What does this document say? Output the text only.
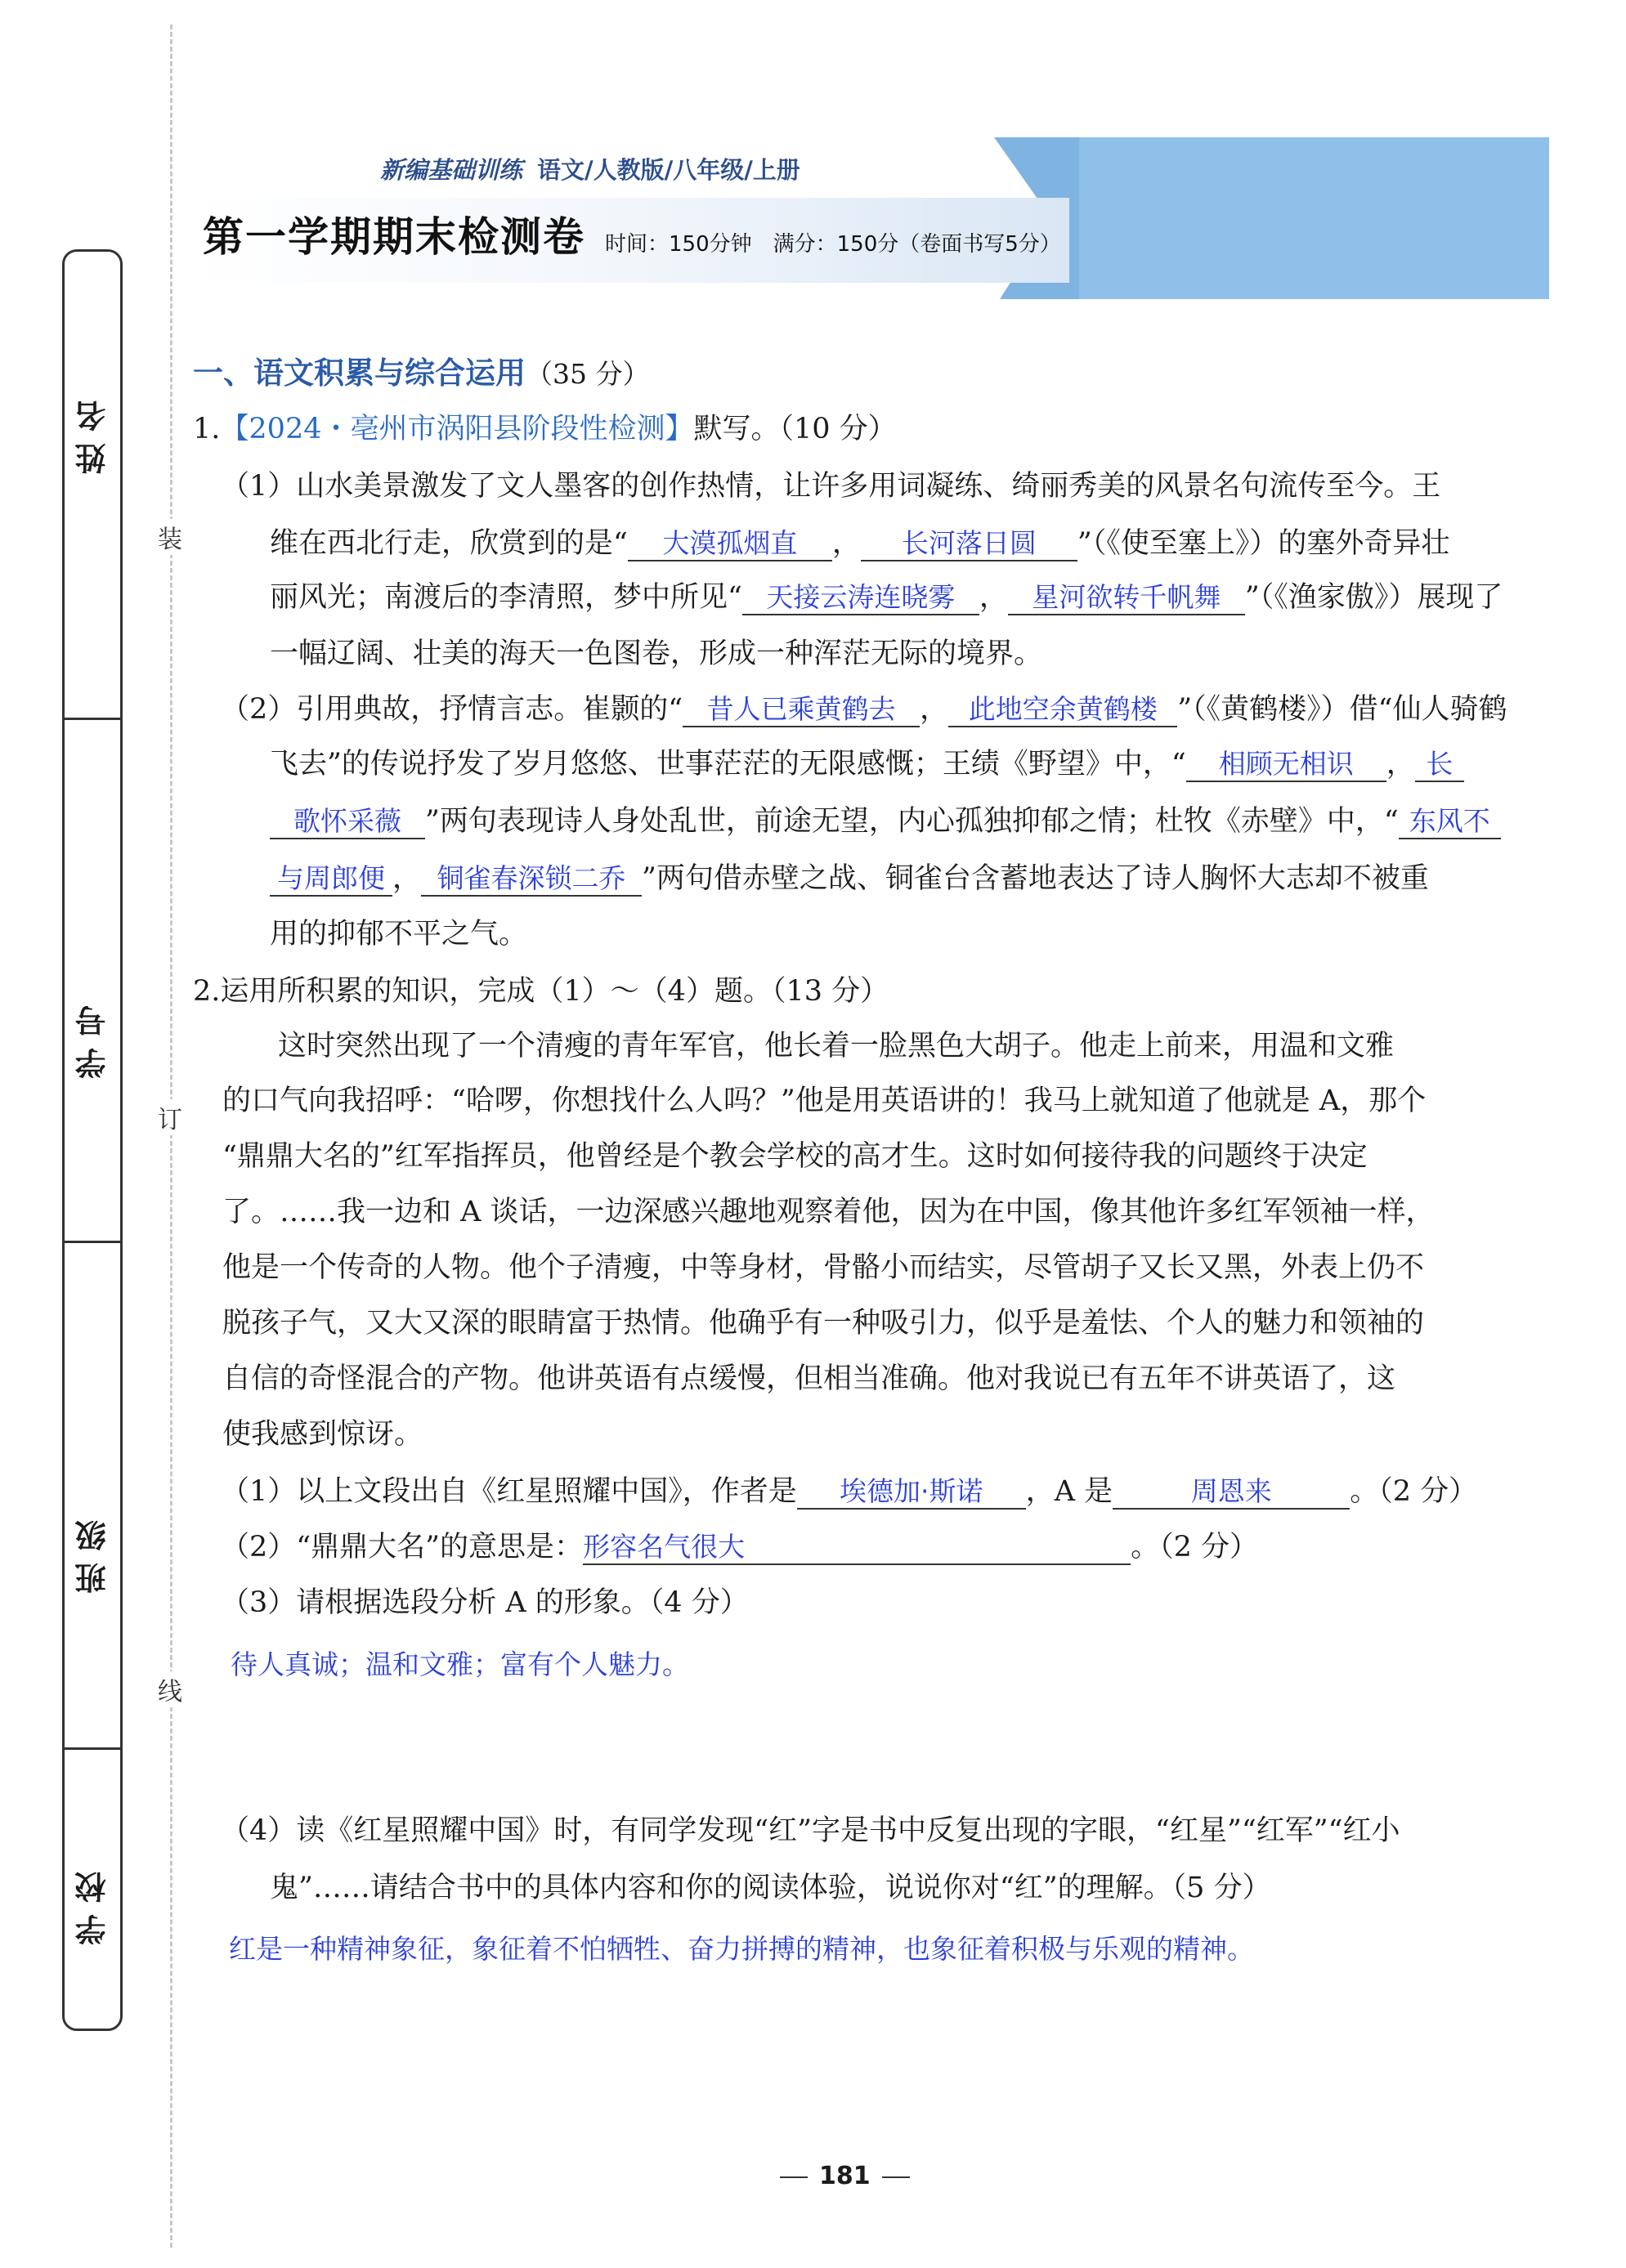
姓名
学号
班级
学校
装
订
线
新编基础训练 语文/人教版/八年级/上册
第一学期期末检测卷 时间：150分钟　满分：150分（卷面书写5分）
一、语文积累与综合运用（35 分）
1.【2024・亳州市涡阳县阶段性检测】默写。（10 分）
（1）山水美景激发了文人墨客的创作热情，让许多用词凝练、绮丽秀美的风景名句流传至今。王
维在西北行走，欣赏到的是“ 大漠孤烟直 ， 长河落日圆 ”（《使至塞上》）的塞外奇异壮
丽风光；南渡后的李清照，梦中所见“ 天接云涛连晓雾 ， 星河欲转千帆舞 ”（《渔家傲》）展现了
一幅辽阔、壮美的海天一色图卷，形成一种浑茫无际的境界。
（2）引用典故，抒情言志。崔颢的“ 昔人已乘黄鹤去 ， 此地空余黄鹤楼 ”（《黄鹤楼》）借“仙人骑鹤
飞去”的传说抒发了岁月悠悠、世事茫茫的无限感慨；王绩《野望》中，“ 相顾无相识 ， 长
歌怀采薇 ”两句表现诗人身处乱世，前途无望，内心孤独抑郁之情；杜牧《赤壁》中，“ 东风不
与周郎便 ， 铜雀春深锁二乔 ”两句借赤壁之战、铜雀台含蓄地表达了诗人胸怀大志却不被重
用的抑郁不平之气。
2.运用所积累的知识，完成（1）～（4）题。（13 分）
这时突然出现了一个清瘦的青年军官，他长着一脸黑色大胡子。他走上前来，用温和文雅
的口气向我招呼：“哈啰，你想找什么人吗？”他是用英语讲的！我马上就知道了他就是 A，那个
“鼎鼎大名的”红军指挥员，他曾经是个教会学校的高才生。这时如何接待我的问题终于决定
了。……我一边和 A 谈话，一边深感兴趣地观察着他，因为在中国，像其他许多红军领袖一样，
他是一个传奇的人物。他个子清瘦，中等身材，骨骼小而结实，尽管胡子又长又黑，外表上仍不
脱孩子气，又大又深的眼睛富于热情。他确乎有一种吸引力，似乎是羞怯、个人的魅力和领袖的
自信的奇怪混合的产物。他讲英语有点缓慢，但相当准确。他对我说已有五年不讲英语了，这
使我感到惊讶。
（1）以上文段出自《红星照耀中国》，作者是 埃德加·斯诺 ，A 是	周恩来	。（2 分）
（2）“鼎鼎大名”的意思是：形容名气很大	。（2 分）
（3）请根据选段分析 A 的形象。（4 分）
待人真诚；温和文雅；富有个人魅力。
（4）读《红星照耀中国》时，有同学发现“红”字是书中反复出现的字眼，“红星”“红军”“红小
鬼”……请结合书中的具体内容和你的阅读体验，说说你对“红”的理解。（5 分）
红是一种精神象征，象征着不怕牺牲、奋力拼搏的精神，也象征着积极与乐观的精神。
181
